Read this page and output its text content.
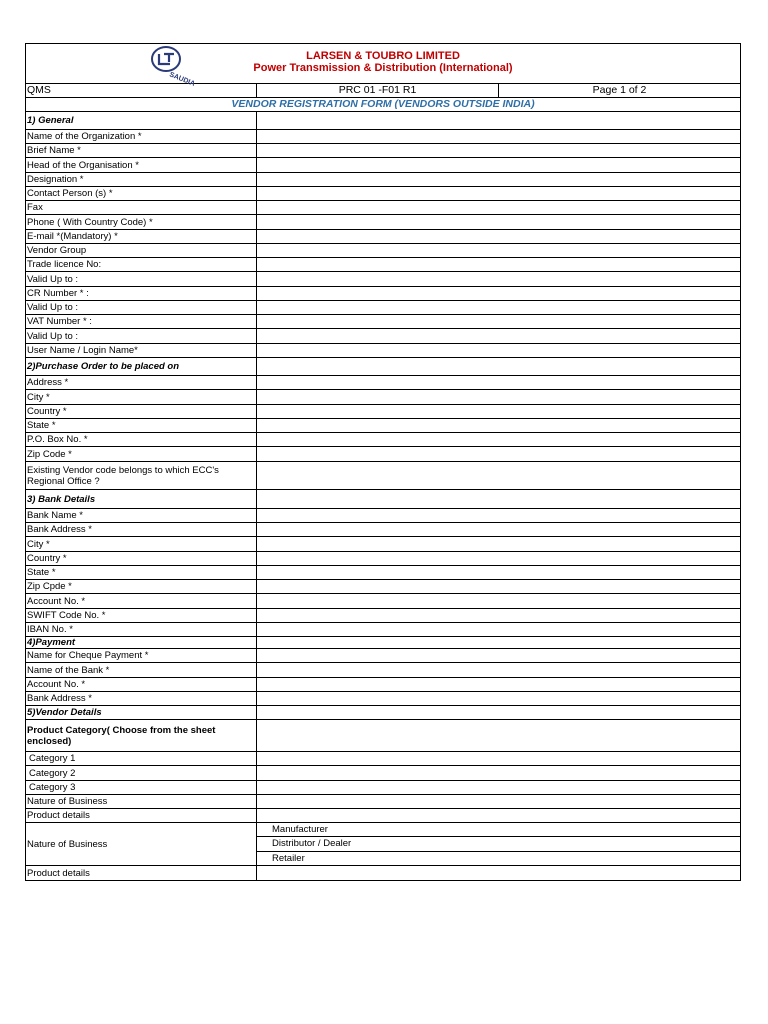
SAUDIA
LARSEN & TOUBRO LIMITED
Power Transmission & Distribution (International)
QMS	PRC 01 -F01 R1	Page 1 of 2
VENDOR REGISTRATION FORM (VENDORS OUTSIDE INDIA)
1) General
Name of the Organization *
Brief Name *
Head of the Organisation *
Designation *
Contact Person (s) *
Fax
Phone ( With Country Code) *
E-mail *(Mandatory) *
Vendor Group
Trade licence No:
Valid Up to :
CR Number * :
Valid Up to :
VAT Number * :
Valid Up to :
User Name / Login Name*
2)Purchase Order to be placed on
Address *
City *
Country *
State *
P.O. Box No. *
Zip Code *
Existing Vendor code belongs to which ECC's Regional Office ?
3) Bank Details
Bank Name *
Bank Address *
City *
Country *
State *
Zip Cpde *
Account No. *
SWIFT Code No. *
IBAN No. *
4)Payment
Name for Cheque Payment *
Name of the Bank *
Account No. *
Bank Address *
5)Vendor Details
Product Category( Choose from the sheet enclosed)
Category 1
Category 2
Category 3
Nature of Business
Product details
Nature of Business
Manufacturer
Distributor / Dealer
Retailer
Product details
